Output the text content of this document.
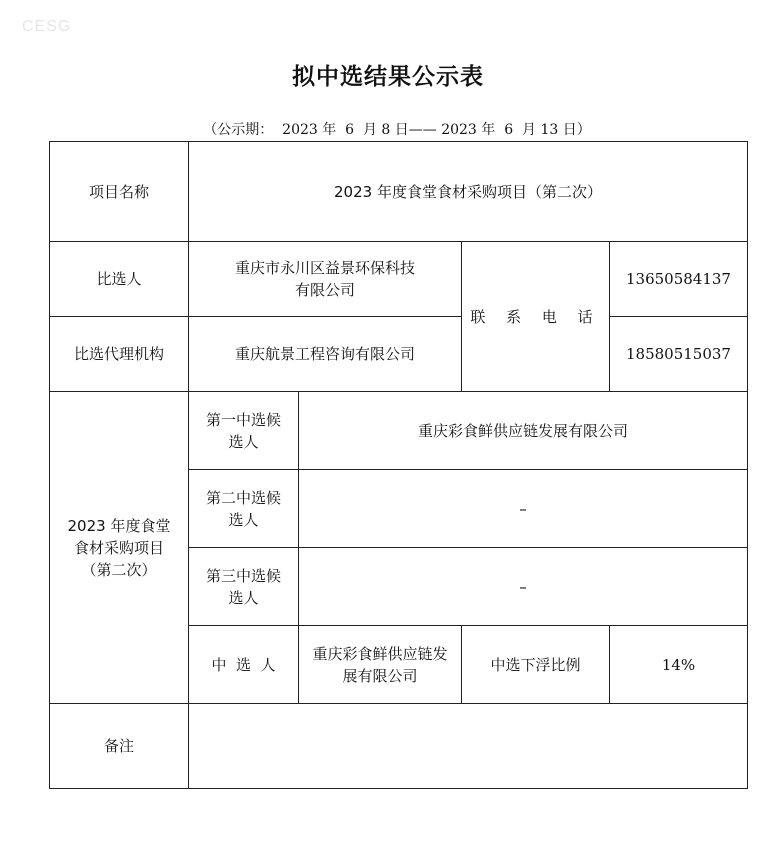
CESG
拟中选结果公示表
（公示期：  2023 年  6  月 8 日—— 2023 年  6  月 13 日）
项目名称	2023 年度食堂食材采购项目（第二次）			
比选人	重庆市永川区益景环保科技有限公司		联 系 电 话	13650584137
比选代理机构	重庆航景工程咨询有限公司			18580515037
2023 年度食堂食材采购项目（第二次）	第一中选候选人	重庆彩食鲜供应链发展有限公司		
	第二中选候选人	–		
	第三中选候选人	–		
	中  选  人	重庆彩食鲜供应链发展有限公司	中选下浮比例	14%
备注				
